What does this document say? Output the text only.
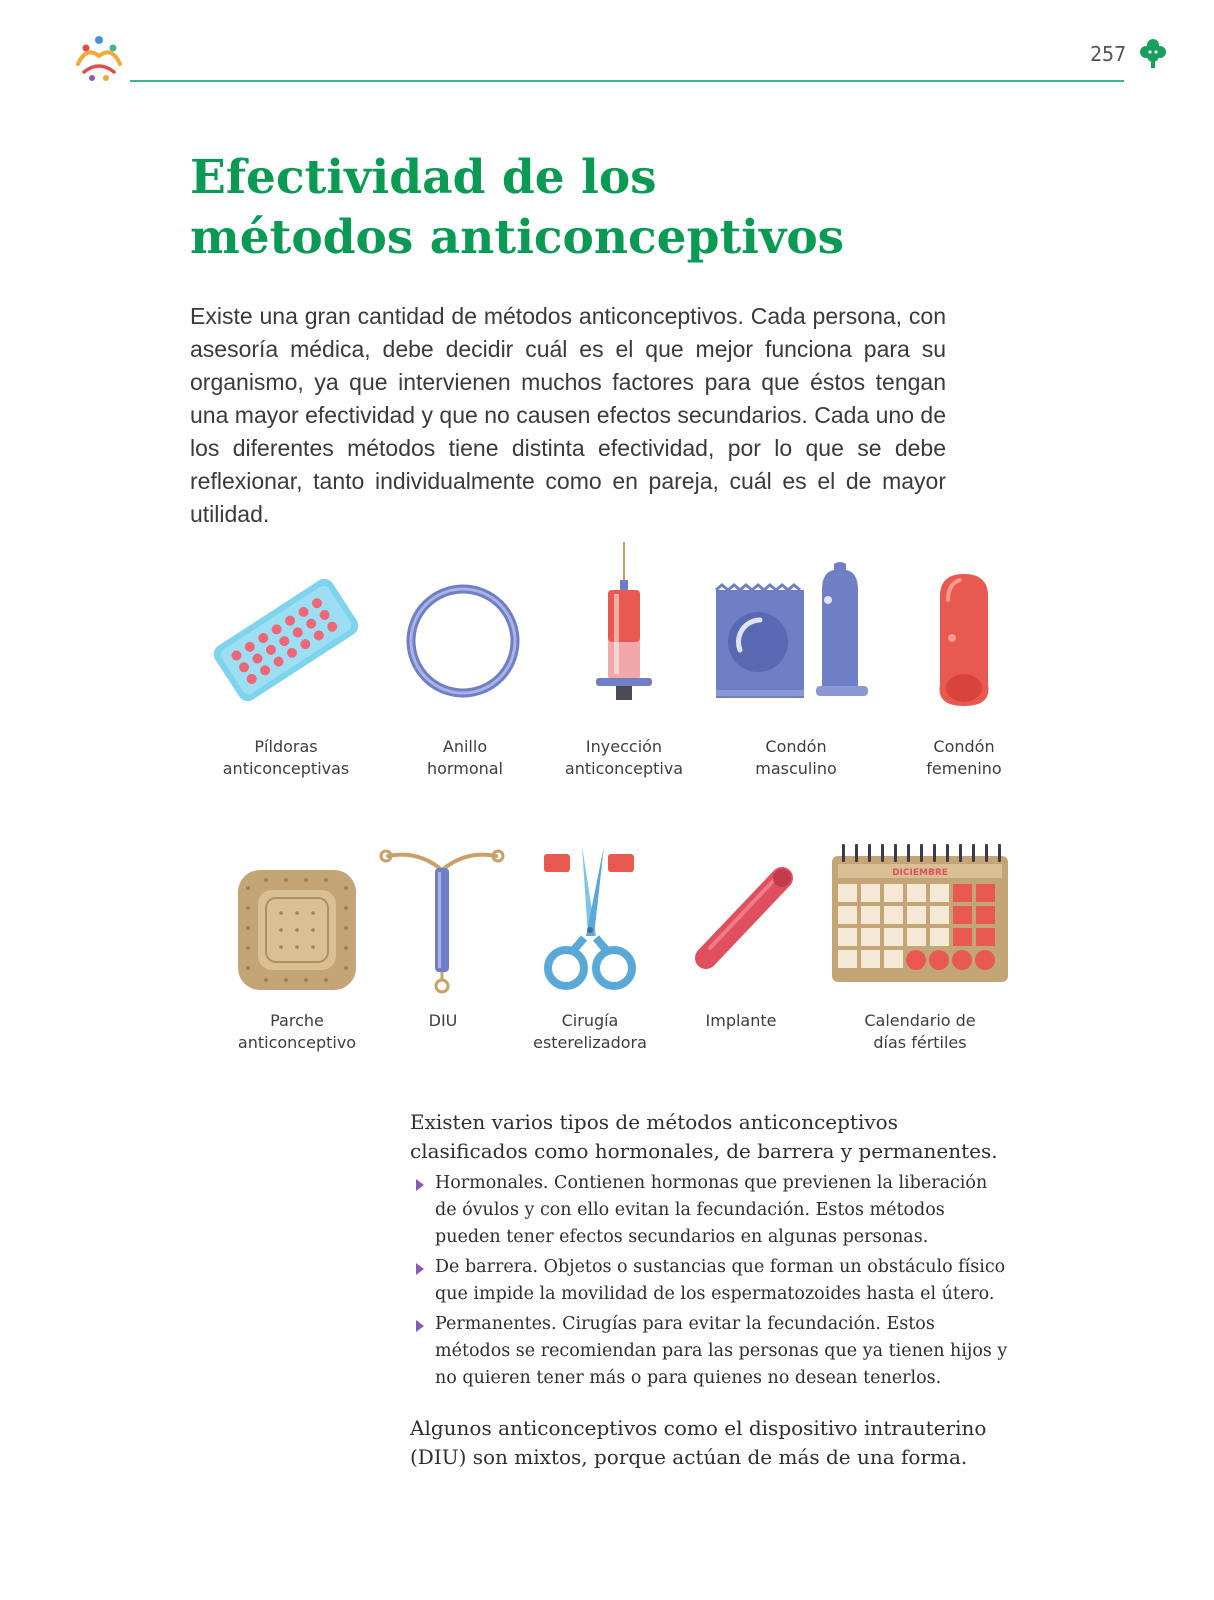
257
Efectividad de los
métodos anticonceptivos

Existe una gran cantidad de métodos anticonceptivos. Cada persona, con asesoría médica, debe decidir cuál es el que mejor funciona para su organismo, ya que intervienen muchos factores para que éstos tengan una mayor efectividad y que no causen efectos secundarios. Cada uno de los diferentes métodos tiene distinta efectividad, por lo que se debe reflexionar, tanto individualmente como en pareja, cuál es el de mayor utilidad.

Píldoras
anticonceptivas
Anillo
hormonal
Inyección
anticonceptiva
Condón
masculino
Condón
femenino
DICIEMBRE
Parche
anticonceptivo
DIU	Cirugía
esterelizadora
Implante	Calendario de
días fértiles

Existen varios tipos de métodos anticonceptivos clasificados como hormonales, de barrera y permanentes.

Hormonales. Contienen hormonas que previenen la liberación de óvulos y con ello evitan la fecundación. Estos métodos pueden tener efectos secundarios en algunas personas.
De barrera. Objetos o sustancias que forman un obstáculo físico que impide la movilidad de los espermatozoides hasta el útero.
Permanentes. Cirugías para evitar la fecundación. Estos métodos se recomiendan para las personas que ya tienen hijos y no quieren tener más o para quienes no desean tenerlos.

Algunos anticonceptivos como el dispositivo intrauterino (DIU) son mixtos, porque actúan de más de una forma.
